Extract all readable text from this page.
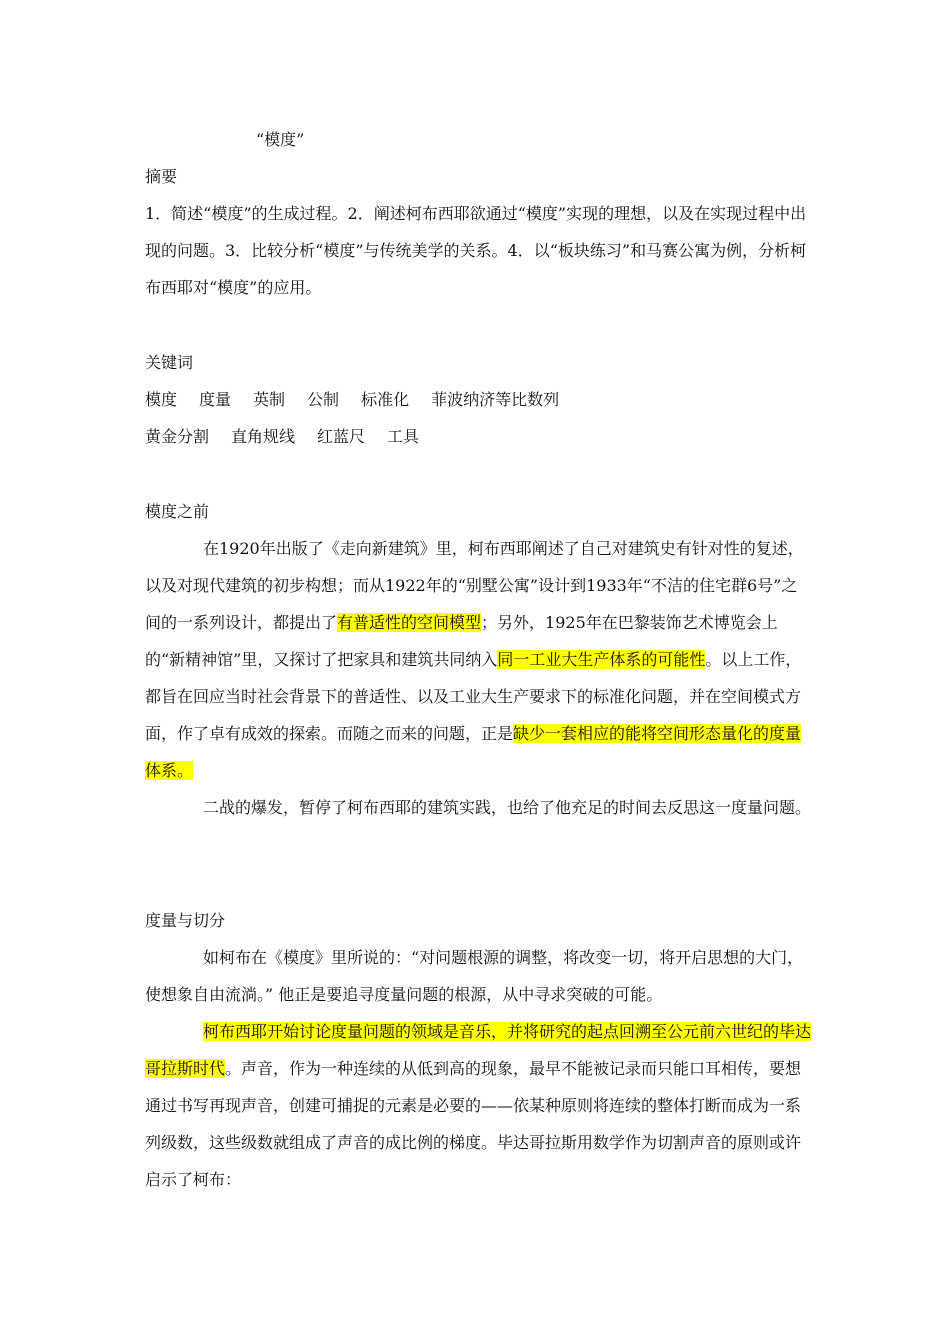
“模度”

摘要

1．简述“模度”的生成过程。2．阐述柯布西耶欲通过“模度”实现的理想，以及在实现过程中出现的问题。3．比较分析“模度”与传统美学的关系。4．以“板块练习”和马赛公寓为例，分析柯布西耶对“模度”的应用。

关键词

模度 度量 英制 公制 标准化 菲波纳济等比数列

黄金分割 直角规线 红蓝尺 工具

模度之前

在1920年出版了《走向新建筑》里，柯布西耶阐述了自己对建筑史有针对性的复述，以及对现代建筑的初步构想；而从1922年的“别墅公寓”设计到1933年“不洁的住宅群6号”之间的一系列设计，都提出了有普适性的空间模型；另外，1925年在巴黎装饰艺术博览会上的“新精神馆”里，又探讨了把家具和建筑共同纳入同一工业大生产体系的可能性。以上工作，都旨在回应当时社会背景下的普适性、以及工业大生产要求下的标准化问题，并在空间模式方面，作了卓有成效的探索。而随之而来的问题，正是缺少一套相应的能将空间形态量化的度量体系。

二战的爆发，暂停了柯布西耶的建筑实践，也给了他充足的时间去反思这一度量问题。

度量与切分

如柯布在《模度》里所说的：“对问题根源的调整，将改变一切，将开启思想的大门，使想象自由流淌。” 他正是要追寻度量问题的根源，从中寻求突破的可能。

柯布西耶开始讨论度量问题的领域是音乐，并将研究的起点回溯至公元前六世纪的毕达哥拉斯时代。声音，作为一种连续的从低到高的现象，最早不能被记录而只能口耳相传，要想通过书写再现声音，创建可捕捉的元素是必要的——依某种原则将连续的整体打断而成为一系列级数，这些级数就组成了声音的成比例的梯度。毕达哥拉斯用数学作为切割声音的原则或许启示了柯布：
